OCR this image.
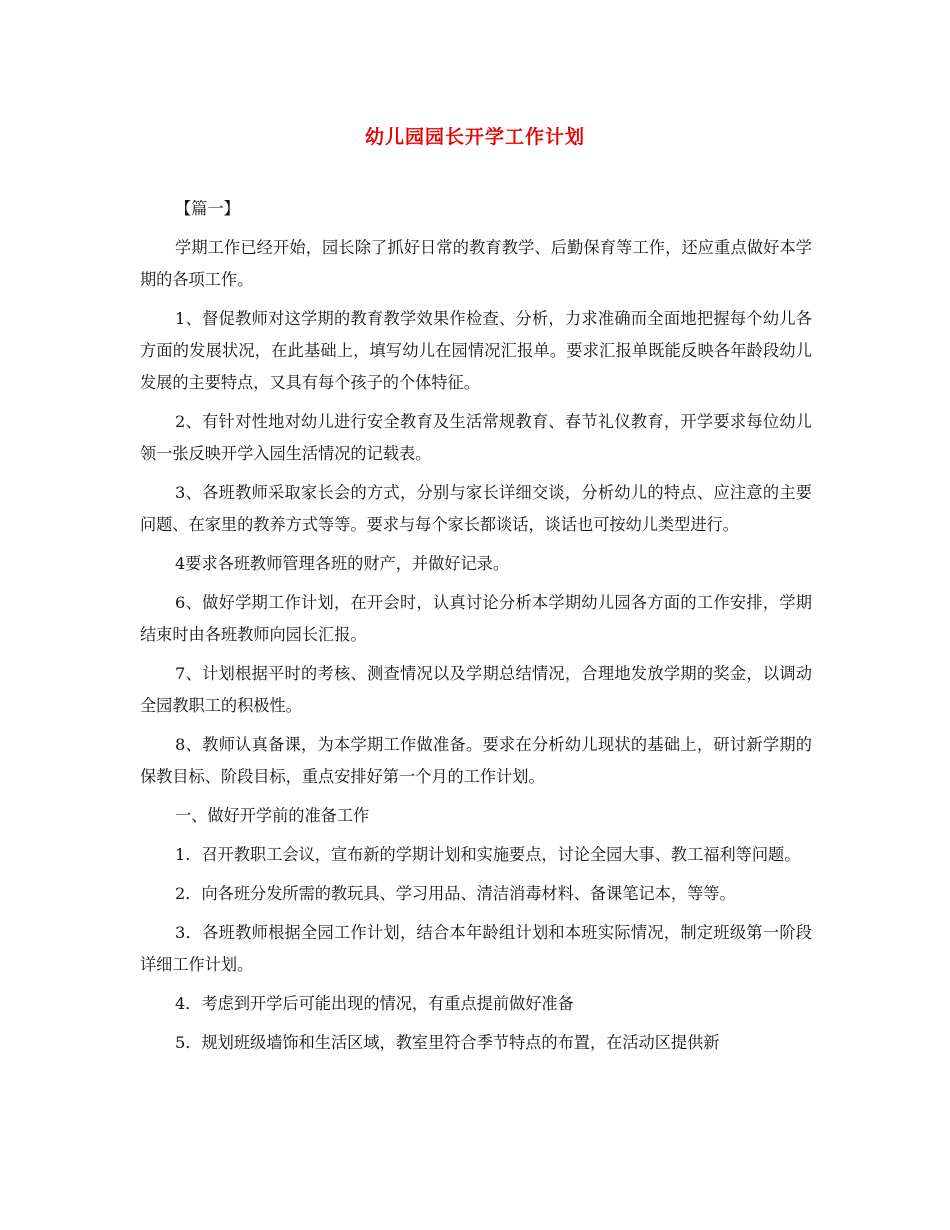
幼儿园园长开学工作计划

【篇一】

学期工作已经开始，园长除了抓好日常的教育教学、后勤保育等工作，还应重点做好本学期的各项工作。

1、督促教师对这学期的教育教学效果作检查、分析，力求准确而全面地把握每个幼儿各方面的发展状况，在此基础上，填写幼儿在园情况汇报单。要求汇报单既能反映各年龄段幼儿发展的主要特点，又具有每个孩子的个体特征。

2、有针对性地对幼儿进行安全教育及生活常规教育、春节礼仪教育，开学要求每位幼儿领一张反映开学入园生活情况的记载表。

3、各班教师采取家长会的方式，分别与家长详细交谈，分析幼儿的特点、应注意的主要问题、在家里的教养方式等等。要求与每个家长都谈话，谈话也可按幼儿类型进行。

4要求各班教师管理各班的财产，并做好记录。

6、做好学期工作计划，在开会时，认真讨论分析本学期幼儿园各方面的工作安排，学期结束时由各班教师向园长汇报。

7、计划根据平时的考核、测查情况以及学期总结情况，合理地发放学期的奖金，以调动全园教职工的积极性。

8、教师认真备课，为本学期工作做准备。要求在分析幼儿现状的基础上，研讨新学期的保教目标、阶段目标，重点安排好第一个月的工作计划。

一、做好开学前的准备工作

1．召开教职工会议，宣布新的学期计划和实施要点，讨论全园大事、教工福利等问题。

2．向各班分发所需的教玩具、学习用品、清洁消毒材料、备课笔记本，等等。

3．各班教师根据全园工作计划，结合本年龄组计划和本班实际情况，制定班级第一阶段详细工作计划。

4．考虑到开学后可能出现的情况，有重点提前做好准备

5．规划班级墙饰和生活区域，教室里符合季节特点的布置，在活动区提供新
